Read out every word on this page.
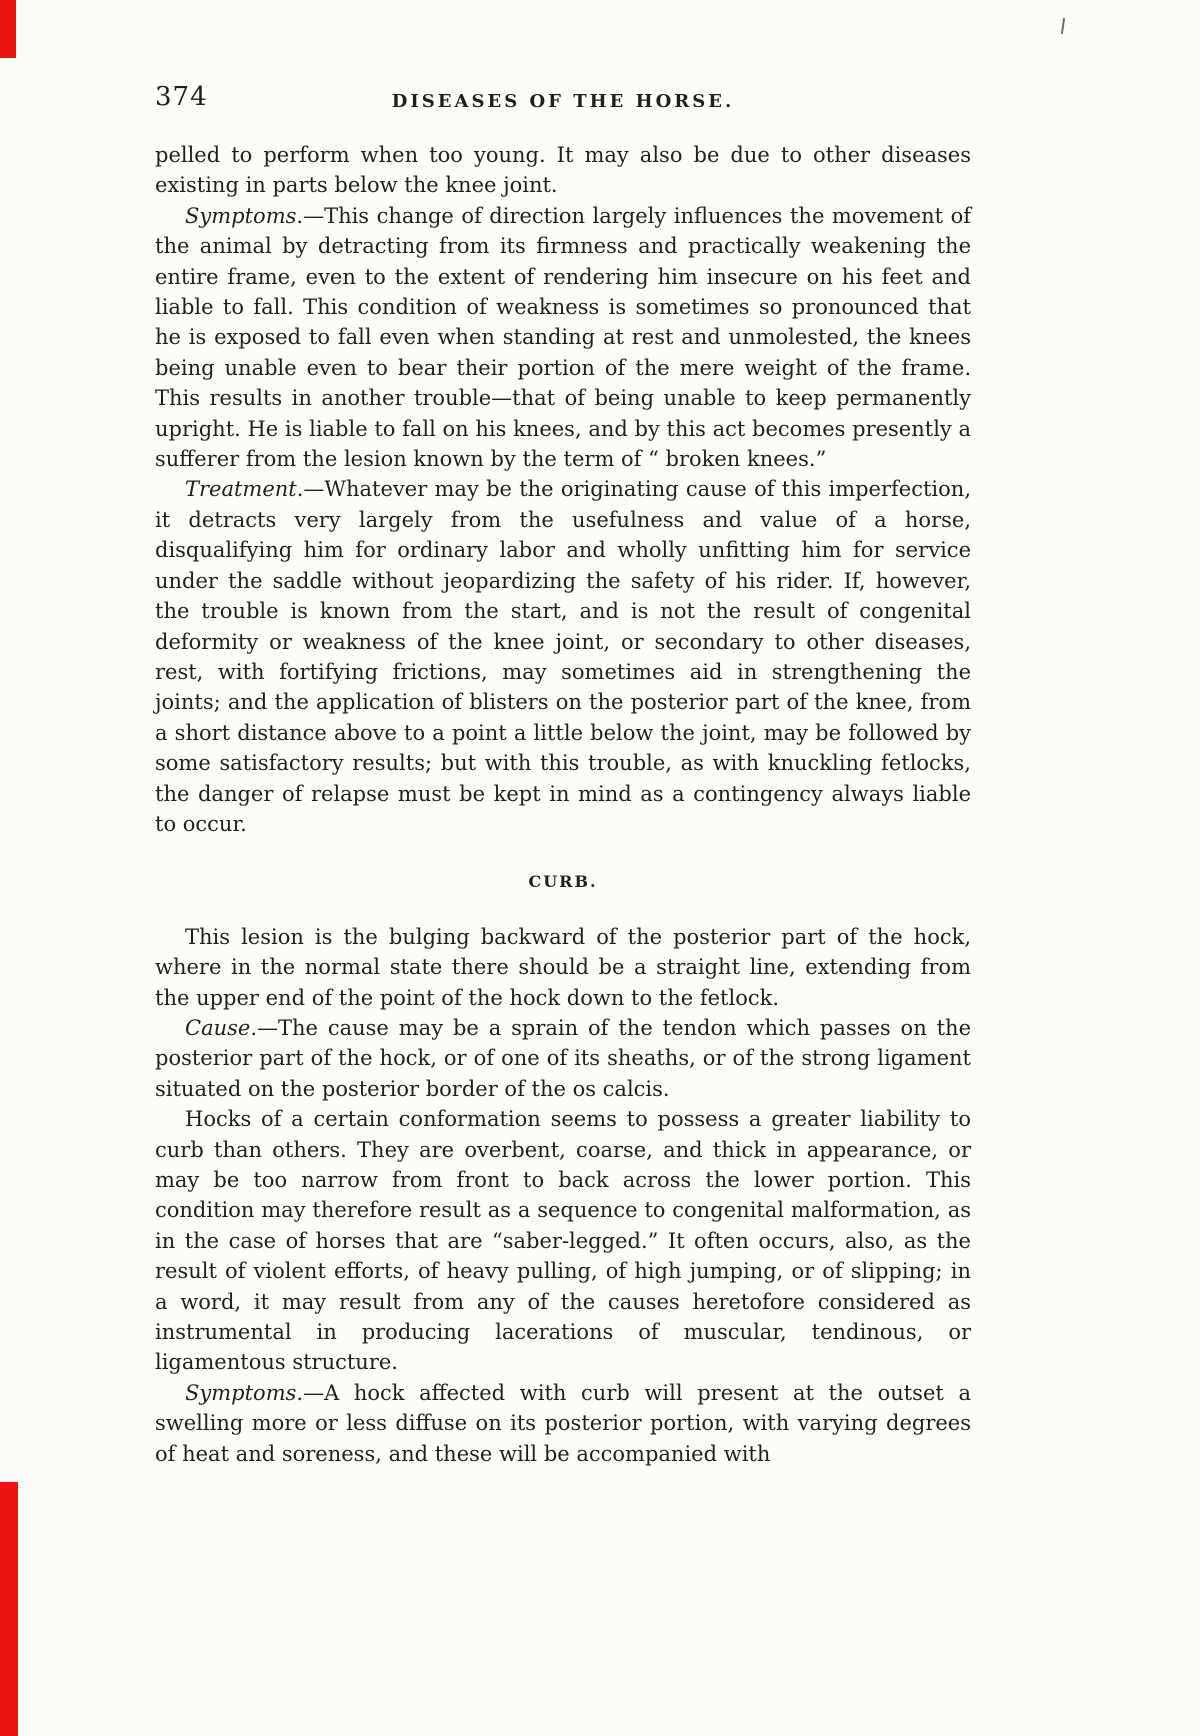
374	DISEASES OF THE HORSE.

pelled to perform when too young. It may also be due to other diseases existing in parts below the knee joint.

Symptoms.—This change of direction largely influences the movement of the animal by detracting from its firmness and practically weakening the entire frame, even to the extent of rendering him insecure on his feet and liable to fall. This condition of weakness is sometimes so pronounced that he is exposed to fall even when standing at rest and unmolested, the knees being unable even to bear their portion of the mere weight of the frame. This results in another trouble—that of being unable to keep permanently upright. He is liable to fall on his knees, and by this act becomes presently a sufferer from the lesion known by the term of “ broken knees.”

Treatment.—Whatever may be the originating cause of this imperfection, it detracts very largely from the usefulness and value of a horse, disqualifying him for ordinary labor and wholly unfitting him for service under the saddle without jeopardizing the safety of his rider. If, however, the trouble is known from the start, and is not the result of congenital deformity or weakness of the knee joint, or secondary to other diseases, rest, with fortifying frictions, may sometimes aid in strengthening the joints; and the application of blisters on the posterior part of the knee, from a short distance above to a point a little below the joint, may be followed by some satisfactory results; but with this trouble, as with knuckling fetlocks, the danger of relapse must be kept in mind as a contingency always liable to occur.

CURB.

This lesion is the bulging backward of the posterior part of the hock, where in the normal state there should be a straight line, extending from the upper end of the point of the hock down to the fetlock.

Cause.—The cause may be a sprain of the tendon which passes on the posterior part of the hock, or of one of its sheaths, or of the strong ligament situated on the posterior border of the os calcis.

Hocks of a certain conformation seems to possess a greater liability to curb than others. They are overbent, coarse, and thick in appearance, or may be too narrow from front to back across the lower portion. This condition may therefore result as a sequence to congenital malformation, as in the case of horses that are “saber-legged.” It often occurs, also, as the result of violent efforts, of heavy pulling, of high jumping, or of slipping; in a word, it may result from any of the causes heretofore considered as instrumental in producing lacerations of muscular, tendinous, or ligamentous structure.

Symptoms.—A hock affected with curb will present at the outset a swelling more or less diffuse on its posterior portion, with varying degrees of heat and soreness, and these will be accompanied with
